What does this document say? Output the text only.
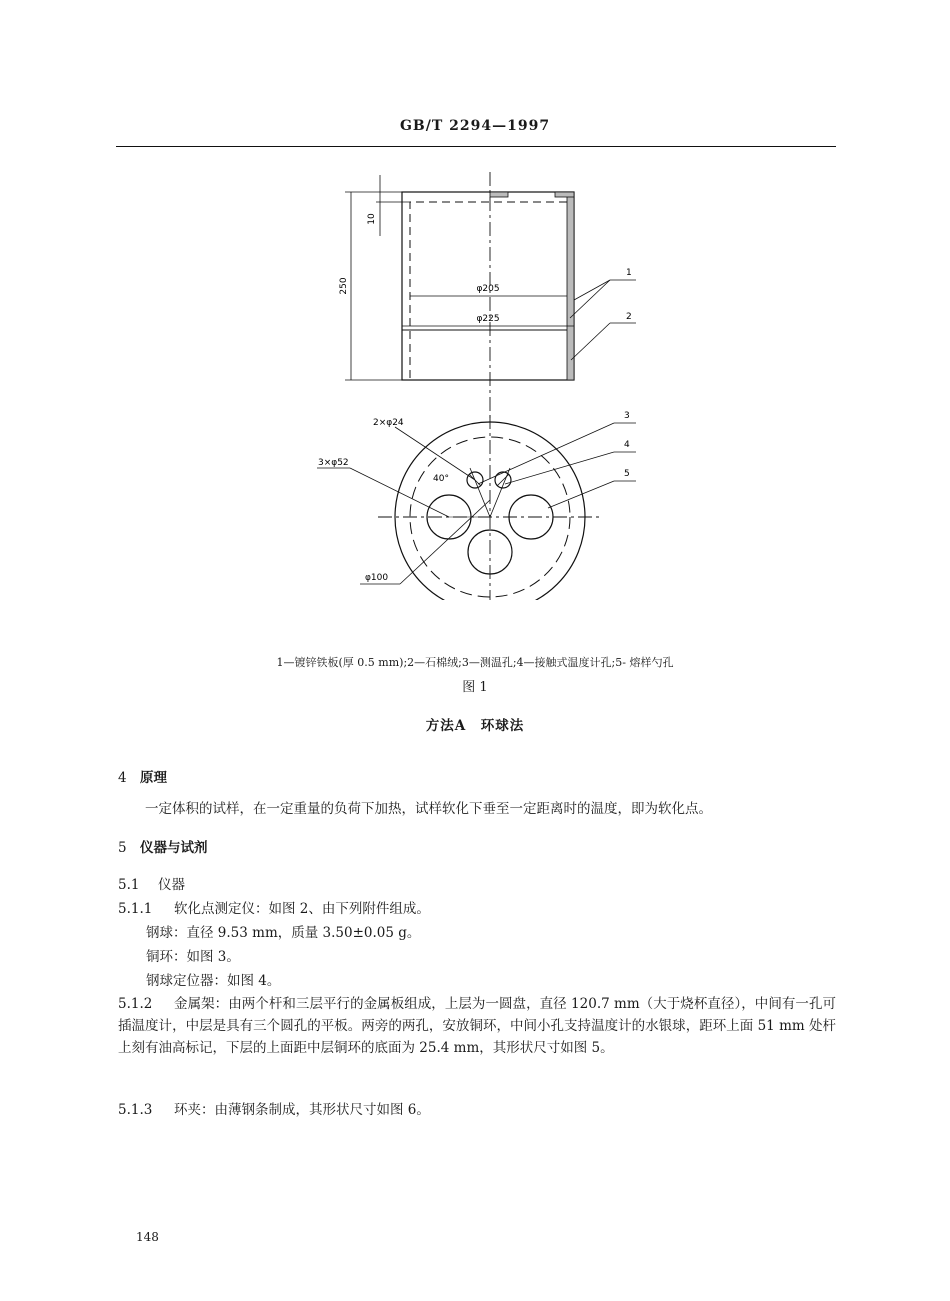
GB/T 2294—1997
250
10
φ205
φ225
2×φ24
3×φ52
40°
φ100
1
2
3
4
5
1—镀锌铁板(厚 0.5 mm);2—石棉绒;3—测温孔;4—接触式温度计孔;5- 熔样勺孔
图 1
方法A　环球法
4 原理
一定体积的试样，在一定重量的负荷下加热，试样软化下垂至一定距离时的温度，即为软化点。
5 仪器与试剂
5.1 仪器
5.1.1 软化点测定仪：如图 2、由下列附件组成。
钢球：直径 9.53 mm，质量 3.50±0.05 g。
铜环：如图 3。
钢球定位器：如图 4。
5.1.2 金属架：由两个杆和三层平行的金属板组成，上层为一圆盘，直径 120.7 mm（大于烧杯直径），中间有一孔可插温度计，中层是具有三个圆孔的平板。两旁的两孔，安放铜环，中间小孔支持温度计的水银球，距环上面 51 mm 处杆上刻有油高标记，下层的上面距中层铜环的底面为 25.4 mm，其形状尺寸如图 5。
5.1.3 环夹：由薄钢条制成，其形状尺寸如图 6。
148
